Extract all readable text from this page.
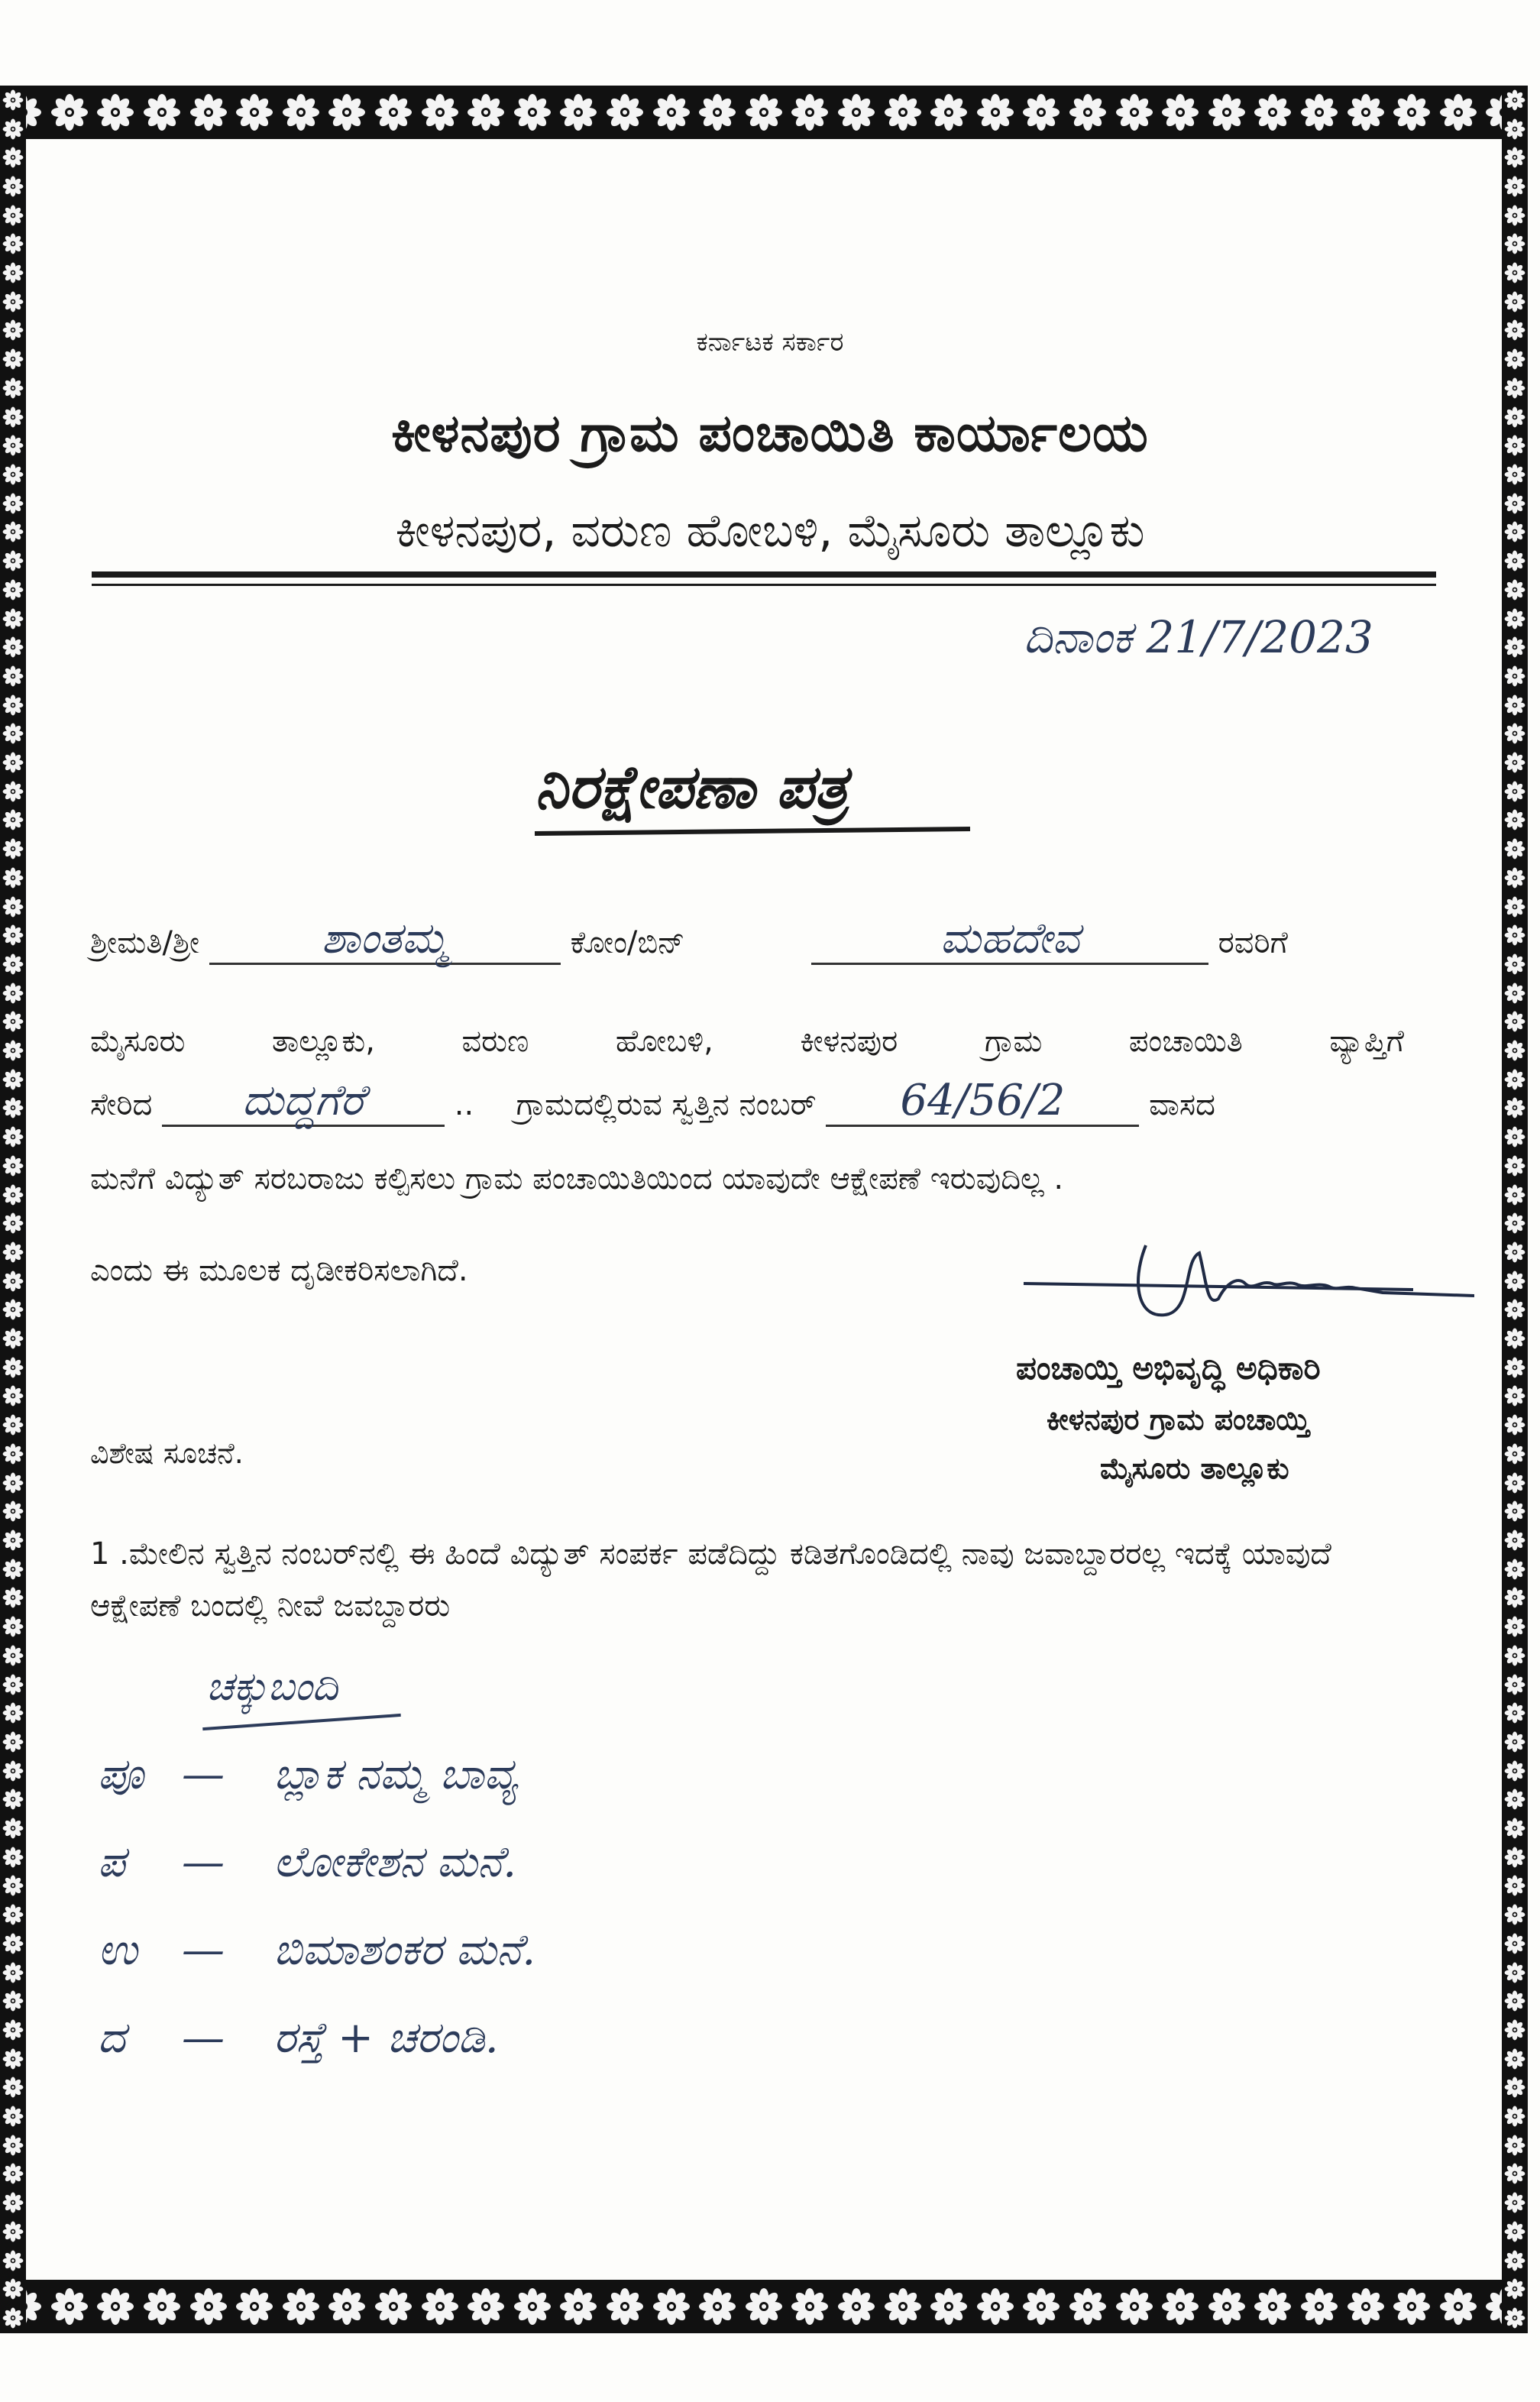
ಕರ್ನಾಟಕ ಸರ್ಕಾರ
ಕೀಳನಪುರ ಗ್ರಾಮ ಪಂಚಾಯಿತಿ ಕಾರ್ಯಾಲಯ
ಕೀಳನಪುರ, ವರುಣ ಹೋಬಳಿ, ಮೈಸೂರು ತಾಲ್ಲೂಕು
ದಿನಾಂಕ 21/7/2023
ನಿರಕ್ಷೇಪಣಾ ಪತ್ರ
ಶ್ರೀಮತಿ/ಶ್ರೀ	ಶಾಂತಮ್ಮ	ಕೋಂ/ಬಿನ್	ಮಹದೇವ	ರವರಿಗೆ
ಮೈಸೂರು	ತಾಲ್ಲೂಕು,	ವರುಣ	ಹೋಬಳಿ,	ಕೀಳನಪುರ	ಗ್ರಾಮ	ಪಂಚಾಯಿತಿ	ವ್ಯಾಪ್ತಿಗೆ
ಸೇರಿದ ದುದ್ದಗೆರೆ	.. ಗ್ರಾಮದಲ್ಲಿರುವ ಸ್ವತ್ತಿನ ನಂಬರ್ 64/56/2	ವಾಸದ
ಮನೆಗೆ ವಿದ್ಯುತ್ ಸರಬರಾಜು ಕಲ್ಪಿಸಲು ಗ್ರಾಮ ಪಂಚಾಯಿತಿಯಿಂದ ಯಾವುದೇ ಆಕ್ಷೇಪಣೆ ಇರುವುದಿಲ್ಲ .
ಎಂದು ಈ ಮೂಲಕ ದೃಡೀಕರಿಸಲಾಗಿದೆ.
ಪಂಚಾಯ್ತಿ ಅಭಿವೃದ್ಧಿ ಅಧಿಕಾರಿ
ಕೀಳನಪುರ ಗ್ರಾಮ ಪಂಚಾಯ್ತಿ
ಮೈಸೂರು ತಾಲ್ಲೂಕು
ವಿಶೇಷ ಸೂಚನೆ.
1 .ಮೇಲಿನ ಸ್ವತ್ತಿನ ನಂಬರ್‌ನಲ್ಲಿ ಈ ಹಿಂದೆ ವಿದ್ಯುತ್ ಸಂಪರ್ಕ ಪಡೆದಿದ್ದು ಕಡಿತಗೊಂಡಿದಲ್ಲಿ ನಾವು ಜವಾಬ್ದಾರರಲ್ಲ ಇದಕ್ಕೆ ಯಾವುದೆ ಆಕ್ಷೇಪಣೆ ಬಂದಲ್ಲಿ ನೀವೆ ಜವಬ್ದಾರರು
ಚಕ್ಕುಬಂದಿ
ಪೂ — ಬ್ಲಾಕ ನಮ್ಮ ಬಾವ್ಯ
ಪ — ಲೋಕೇಶನ ಮನೆ.
ಉ — ಬಿಮಾಶಂಕರ ಮನೆ.
ದ — ರಸ್ತೆ + ಚರಂಡಿ.
